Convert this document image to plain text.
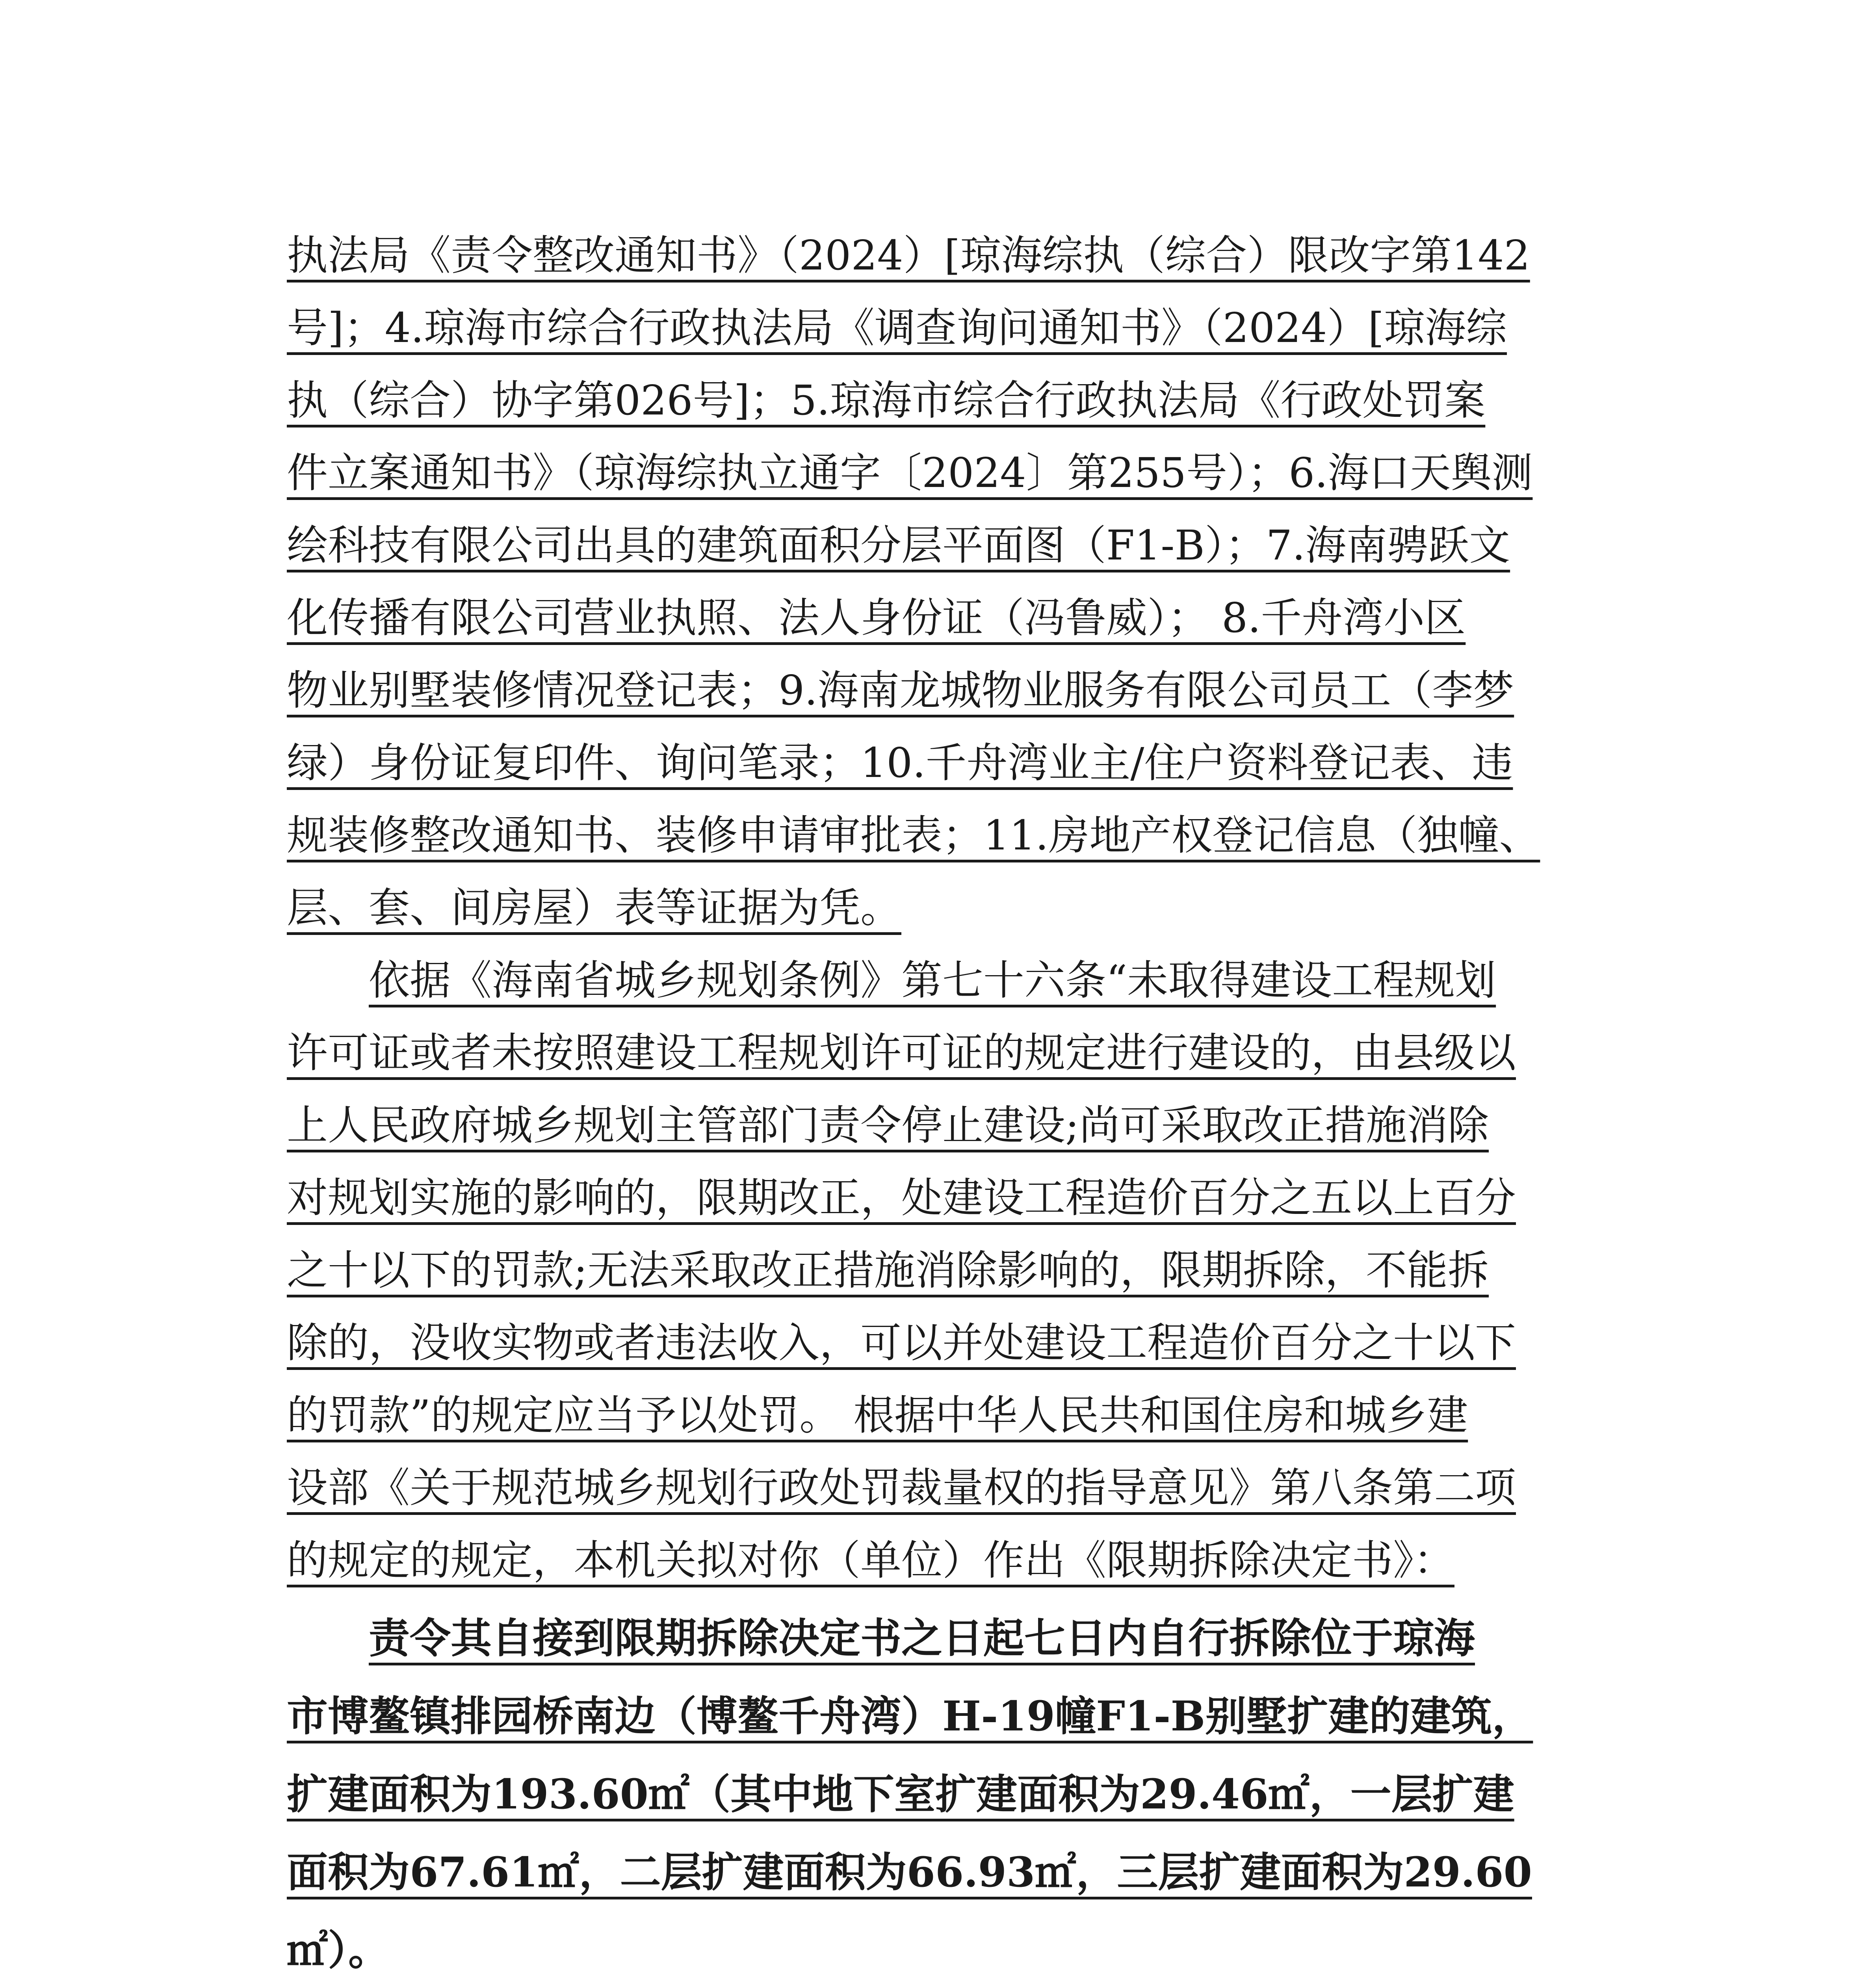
执法局《责令整改通知书》（2024）[琼海综执（综合）限改字第142
号]；4.琼海市综合行政执法局《调查询问通知书》（2024）[琼海综
执（综合）协字第026号]；5.琼海市综合行政执法局《行政处罚案
件立案通知书》（琼海综执立通字〔2024〕第255号）；6.海口天舆测
绘科技有限公司出具的建筑面积分层平面图（F1-B）；7.海南骋跃文
化传播有限公司营业执照、法人身份证（冯鲁威）； 8.千舟湾小区
物业别墅装修情况登记表；9.海南龙城物业服务有限公司员工（李梦
绿）身份证复印件、询问笔录；10.千舟湾业主/住户资料登记表、违
规装修整改通知书、装修申请审批表；11.房地产权登记信息（独幢、
层、套、间房屋）表等证据为凭。
依据《海南省城乡规划条例》第七十六条“未取得建设工程规划
许可证或者未按照建设工程规划许可证的规定进行建设的，由县级以
上人民政府城乡规划主管部门责令停止建设;尚可采取改正措施消除
对规划实施的影响的，限期改正，处建设工程造价百分之五以上百分
之十以下的罚款;无法采取改正措施消除影响的，限期拆除，不能拆
除的，没收实物或者违法收入，可以并处建设工程造价百分之十以下
的罚款”的规定应当予以处罚。 根据中华人民共和国住房和城乡建
设部《关于规范城乡规划行政处罚裁量权的指导意见》第八条第二项
的规定的规定，本机关拟对你（单位）作出《限期拆除决定书》：
责令其自接到限期拆除决定书之日起七日内自行拆除位于琼海
市博鳌镇排园桥南边（博鳌千舟湾）H-19幢F1-B别墅扩建的建筑，
扩建面积为193.60㎡（其中地下室扩建面积为29.46㎡，一层扩建
面积为67.61㎡，二层扩建面积为66.93㎡，三层扩建面积为29.60
㎡）。
